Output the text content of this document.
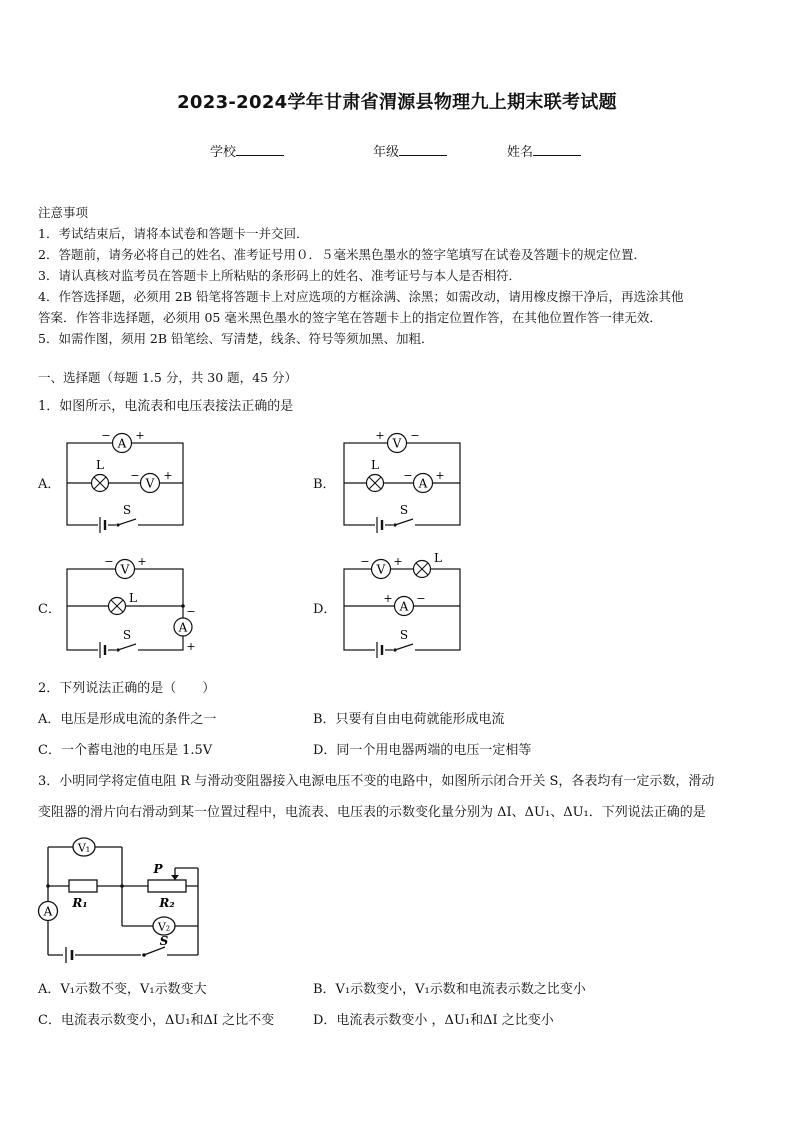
2023-2024学年甘肃省渭源县物理九上期末联考试题
学校	年级	姓名
注意事项
1．考试结束后，请将本试卷和答题卡一并交回．
2．答题前，请务必将自己的姓名、准考证号用０．５毫米黑色墨水的签字笔填写在试卷及答题卡的规定位置．
3．请认真核对监考员在答题卡上所粘贴的条形码上的姓名、准考证号与本人是否相符．
4．作答选择题，必须用 2B 铅笔将答题卡上对应选项的方框涂满、涂黑；如需改动，请用橡皮擦干净后，再选涂其他
答案．作答非选择题，必须用 05 毫米黑色墨水的签字笔在答题卡上的指定位置作答，在其他位置作答一律无效．
5．如需作图，须用 2B 铅笔绘、写清楚，线条、符号等须加黑、加粗．
一、选择题（每题 1.5 分，共 30 题，45 分）
1．如图所示，电流表和电压表接法正确的是
A．	B．
C．	D．
A
− +
L
V
− +
S
V
+ −
L
A
− +
S
V
− +
L
A
−
+
S
V
− +	L
A
+ −
S
2．下列说法正确的是（　　）
A．电压是形成电流的条件之一	B．只要有自由电荷就能形成电流
C．一个蓄电池的电压是 1.5V	D．同一个用电器两端的电压一定相等
3．小明同学将定值电阻 R 与滑动变阻器接入电源电压不变的电路中，如图所示闭合开关 S，各表均有一定示数，滑动
变阻器的滑片向右滑动到某一位置过程中，电流表、电压表的示数变化量分别为 ΔI、ΔU₁、ΔU₁．下列说法正确的是
R₁
P
R₂
V₁
V₂
A
S
A．V₁示数不变，V₁示数变大	B．V₁示数变小，V₁示数和电流表示数之比变小
C．电流表示数变小，ΔU₁和ΔI 之比不变	D．电流表示数变小 ，ΔU₁和ΔI 之比变小
